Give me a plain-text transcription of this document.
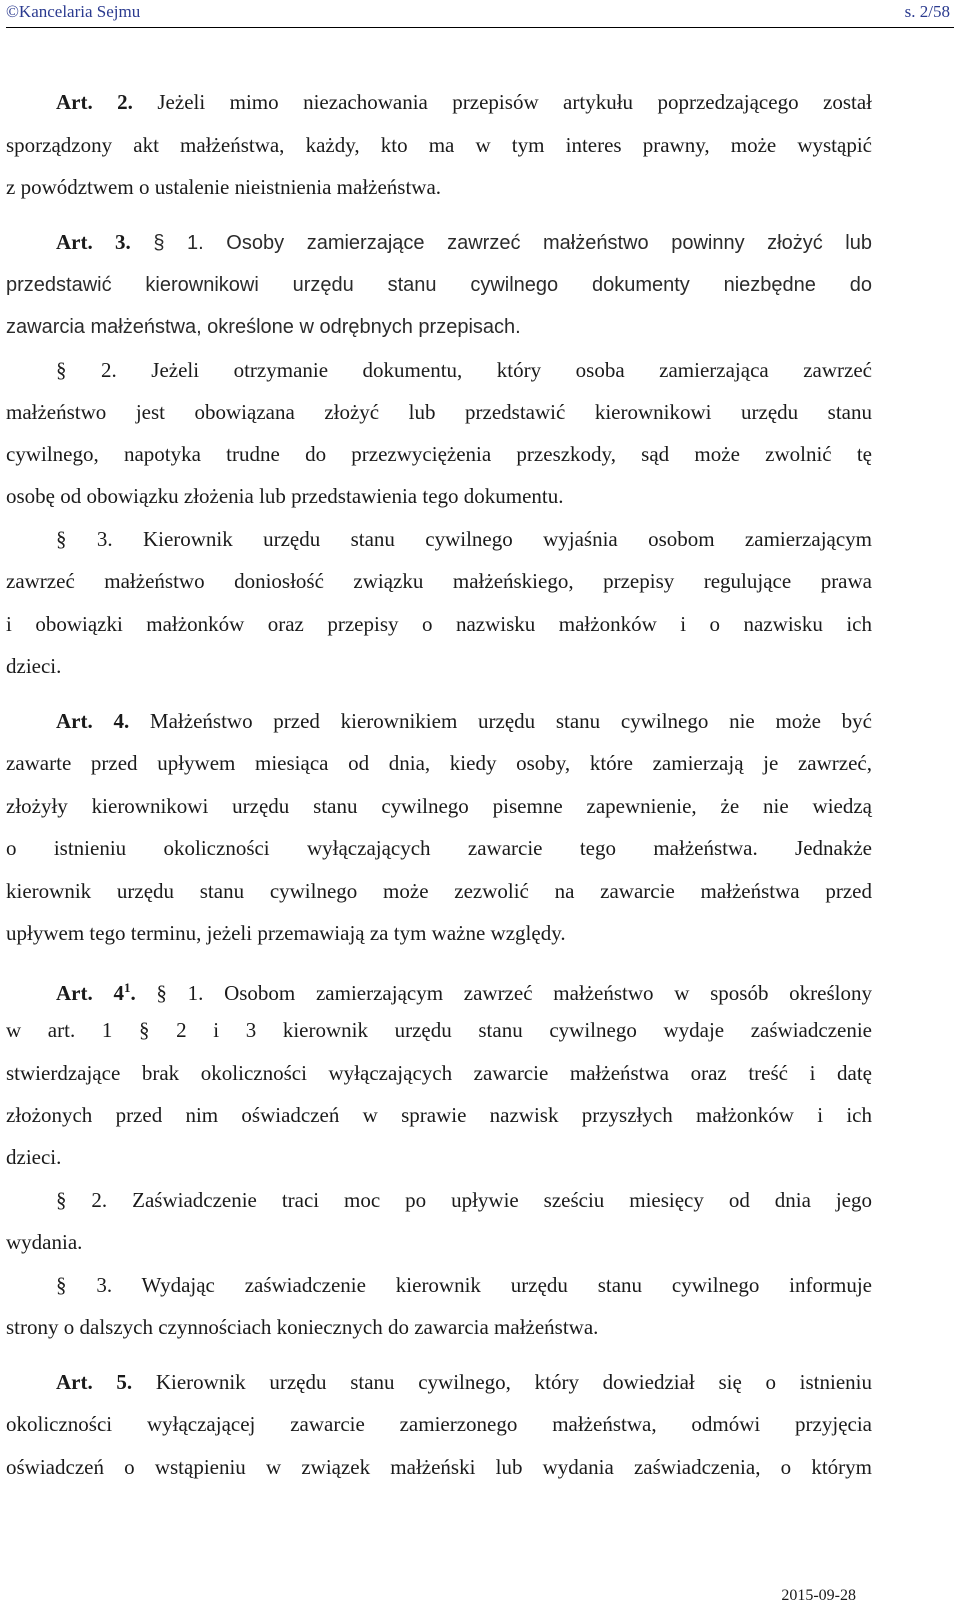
©Kancelaria Sejmu	s. 2/58
Art. 2. Jeżeli mimo niezachowania przepisów artykułu poprzedzającego został
sporządzony akt małżeństwa, każdy, kto ma w tym interes prawny, może wystąpić
z powództwem o ustalenie nieistnienia małżeństwa.
Art. 3. § 1. Osoby zamierzające zawrzeć małżeństwo powinny złożyć lub
przedstawić kierownikowi urzędu stanu cywilnego dokumenty niezbędne do
zawarcia małżeństwa, określone w odrębnych przepisach.
§ 2. Jeżeli otrzymanie dokumentu, który osoba zamierzająca zawrzeć
małżeństwo jest obowiązana złożyć lub przedstawić kierownikowi urzędu stanu
cywilnego, napotyka trudne do przezwyciężenia przeszkody, sąd może zwolnić tę
osobę od obowiązku złożenia lub przedstawienia tego dokumentu.
§ 3. Kierownik urzędu stanu cywilnego wyjaśnia osobom zamierzającym
zawrzeć małżeństwo doniosłość związku małżeńskiego, przepisy regulujące prawa
i obowiązki małżonków oraz przepisy o nazwisku małżonków i o nazwisku ich
dzieci.
Art. 4. Małżeństwo przed kierownikiem urzędu stanu cywilnego nie może być
zawarte przed upływem miesiąca od dnia, kiedy osoby, które zamierzają je zawrzeć,
złożyły kierownikowi urzędu stanu cywilnego pisemne zapewnienie, że nie wiedzą
o istnieniu okoliczności wyłączających zawarcie tego małżeństwa. Jednakże
kierownik urzędu stanu cywilnego może zezwolić na zawarcie małżeństwa przed
upływem tego terminu, jeżeli przemawiają za tym ważne względy.
Art. $4^1$. § 1. Osobom zamierzającym zawrzeć małżeństwo w sposób określony
w art. 1 § 2 i 3 kierownik urzędu stanu cywilnego wydaje zaświadczenie
stwierdzające brak okoliczności wyłączających zawarcie małżeństwa oraz treść i datę
złożonych przed nim oświadczeń w sprawie nazwisk przyszłych małżonków i ich
dzieci.
§ 2. Zaświadczenie traci moc po upływie sześciu miesięcy od dnia jego
wydania.
§ 3. Wydając zaświadczenie kierownik urzędu stanu cywilnego informuje
strony o dalszych czynnościach koniecznych do zawarcia małżeństwa.
Art. 5. Kierownik urzędu stanu cywilnego, który dowiedział się o istnieniu
okoliczności wyłączającej zawarcie zamierzonego małżeństwa, odmówi przyjęcia
oświadczeń o wstąpieniu w związek małżeński lub wydania zaświadczenia, o którym
2015-09-28
